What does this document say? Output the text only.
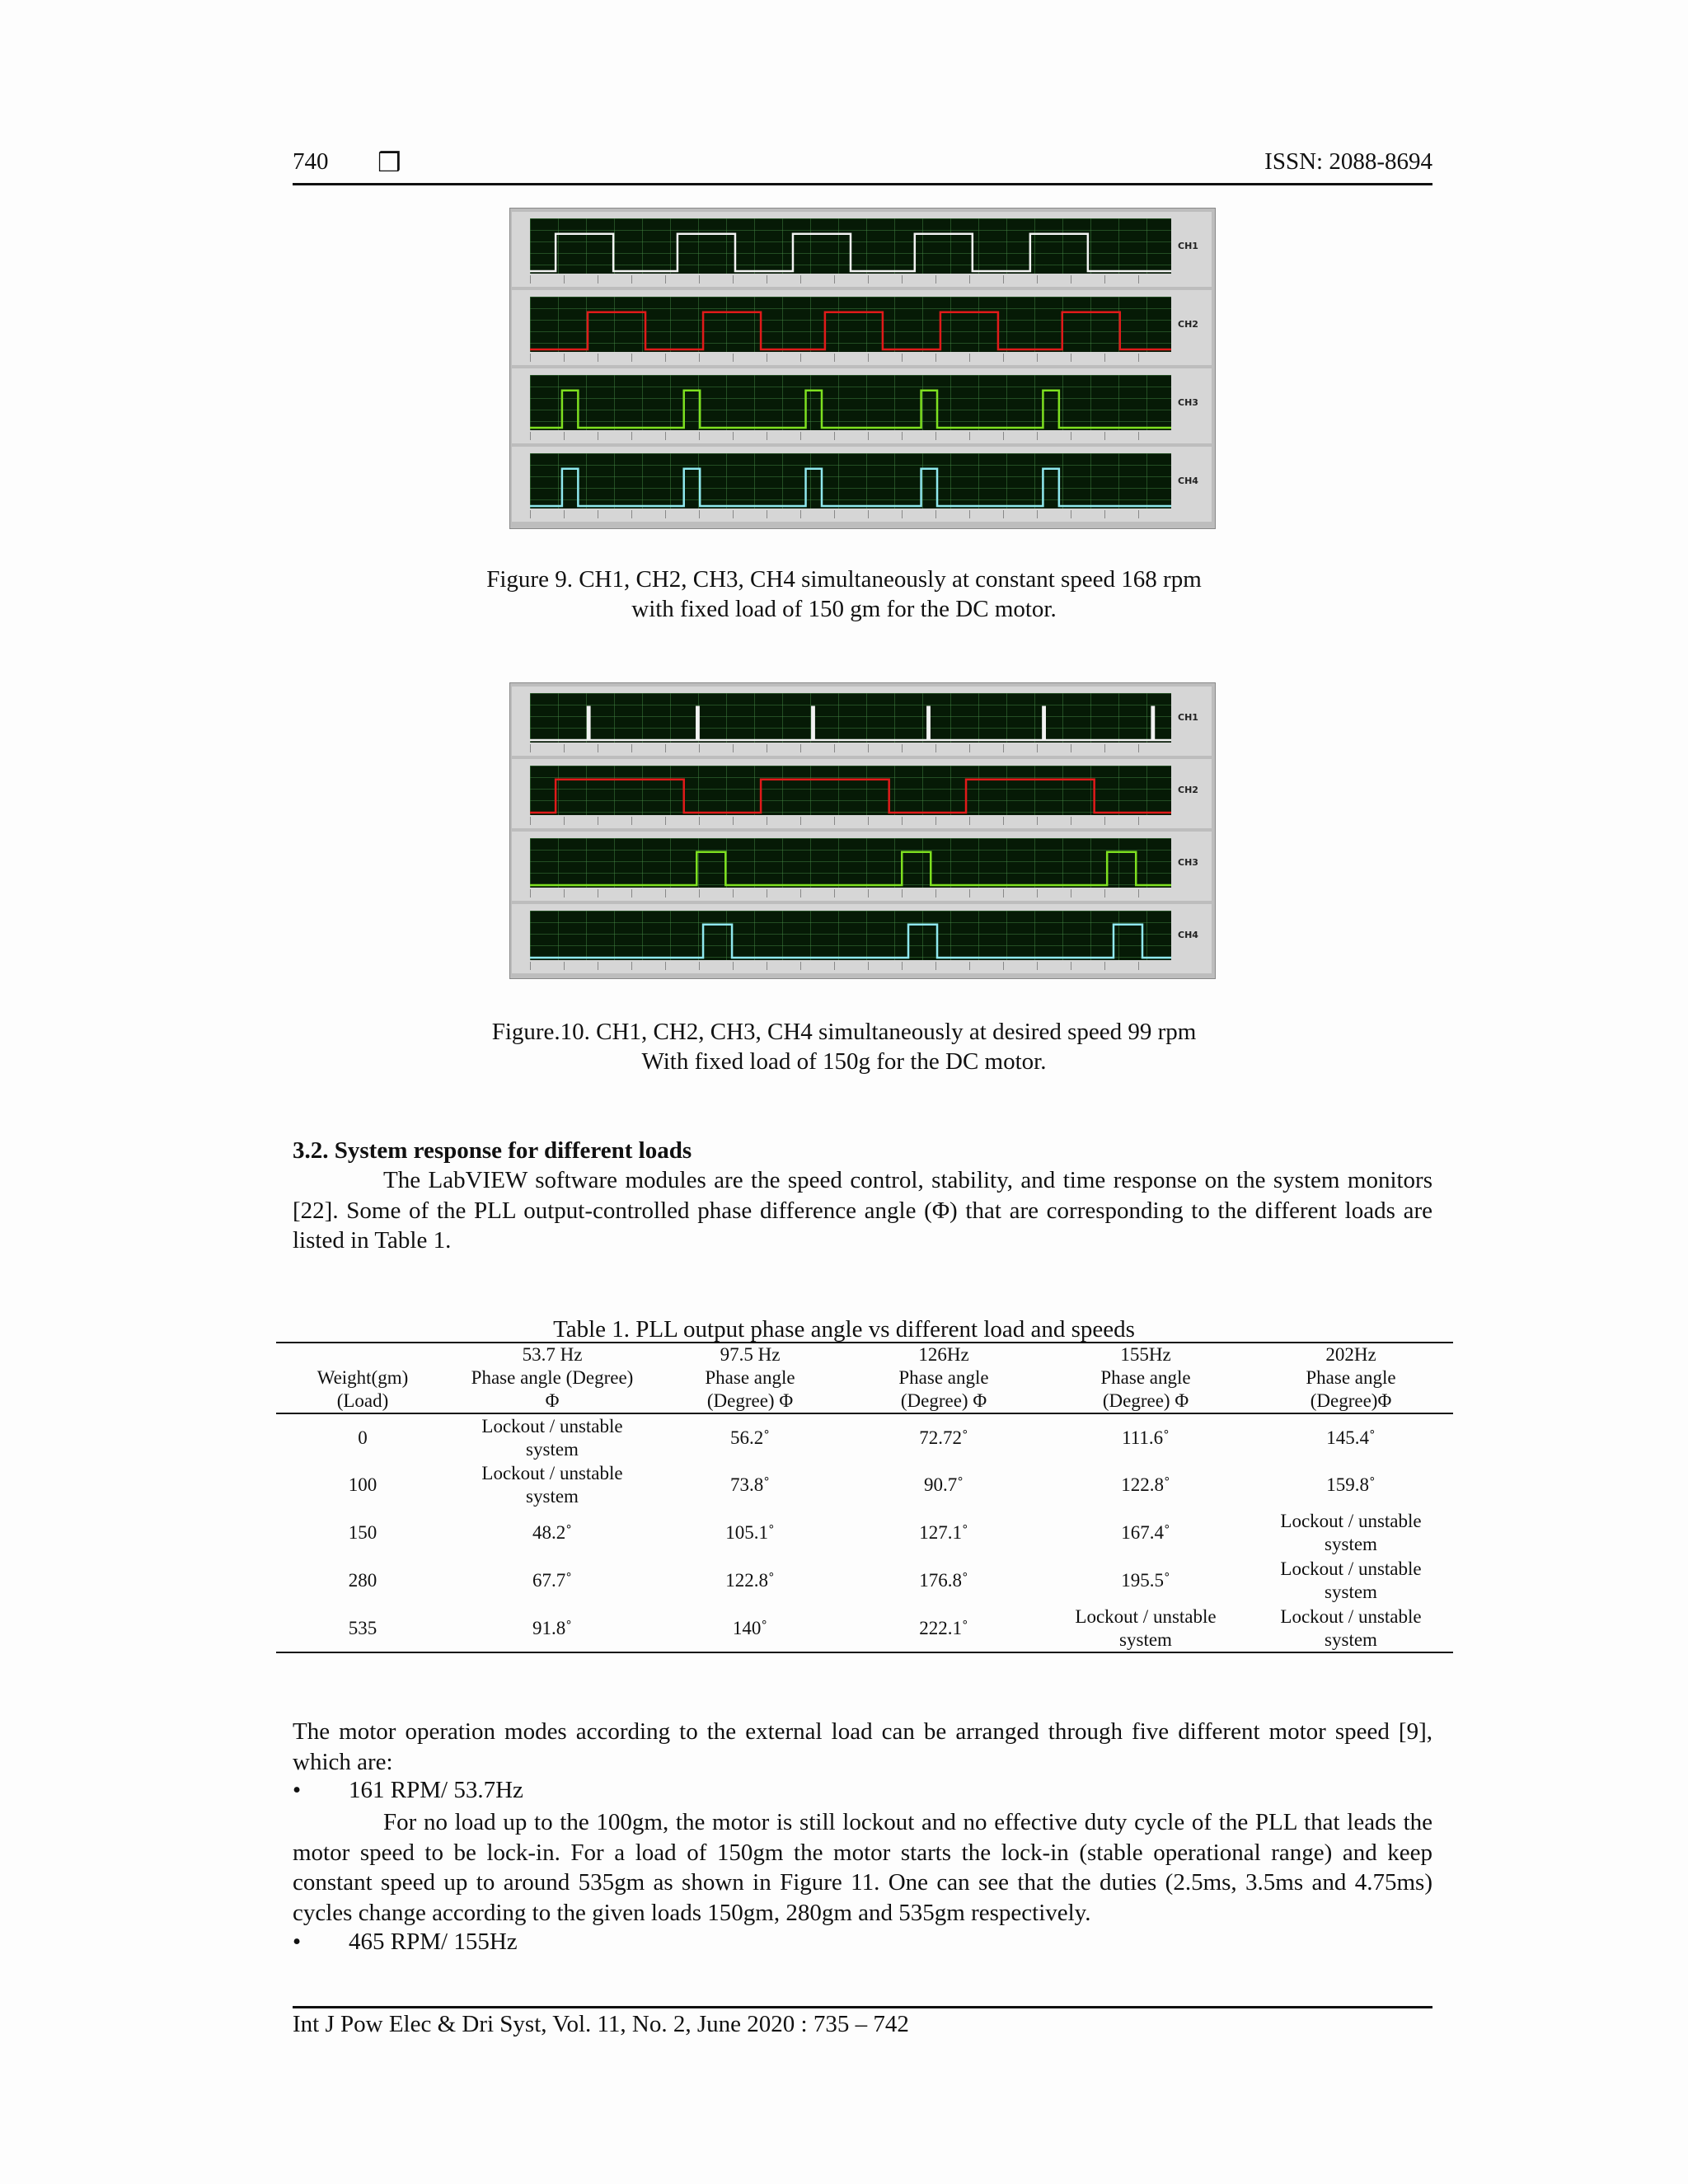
740 ❒	ISSN: 2088-8694
CH1
CH2
CH3
CH4
Figure 9. CH1, CH2, CH3, CH4 simultaneously at constant speed 168 rpm
with fixed load of 150 gm for the DC motor.
CH1
CH2
CH3
CH4
Figure.10. CH1, CH2, CH3, CH4 simultaneously at desired speed 99 rpm
With fixed load of 150g for the DC motor.
3.2. System response for different loads
The LabVIEW software modules are the speed control, stability, and time response on the system monitors [22]. Some of the PLL output-controlled phase difference angle (Φ) that are corresponding to the different loads are listed in Table 1.
Table 1. PLL output phase angle vs different load and speeds
	53.7 Hz	97.5 Hz	126Hz	155Hz	202Hz
Weight(gm)	Phase angle (Degree)	Phase angle	Phase angle	Phase angle	Phase angle
(Load)	Φ	(Degree) Φ	(Degree) Φ	(Degree) Φ	(Degree)Φ
0	Lockout / unstable system	56.2˚	72.72˚	111.6˚	145.4˚
100	Lockout / unstable system	73.8˚	90.7˚	122.8˚	159.8˚
150	48.2˚	105.1˚	127.1˚	167.4˚	Lockout / unstable system
280	67.7˚	122.8˚	176.8˚	195.5˚	Lockout / unstable system
535	91.8˚	140˚	222.1˚	Lockout / unstable system	Lockout / unstable system
The motor operation modes according to the external load can be arranged through five different motor speed [9], which are:
• 161 RPM/ 53.7Hz
For no load up to the 100gm, the motor is still lockout and no effective duty cycle of the PLL that leads the motor speed to be lock-in. For a load of 150gm the motor starts the lock-in (stable operational range) and keep constant speed up to around 535gm as shown in Figure 11. One can see that the duties (2.5ms, 3.5ms and 4.75ms) cycles change according to the given loads 150gm, 280gm and 535gm respectively.
• 465 RPM/ 155Hz
Int J Pow Elec & Dri Syst, Vol. 11, No. 2, June 2020 : 735 – 742
